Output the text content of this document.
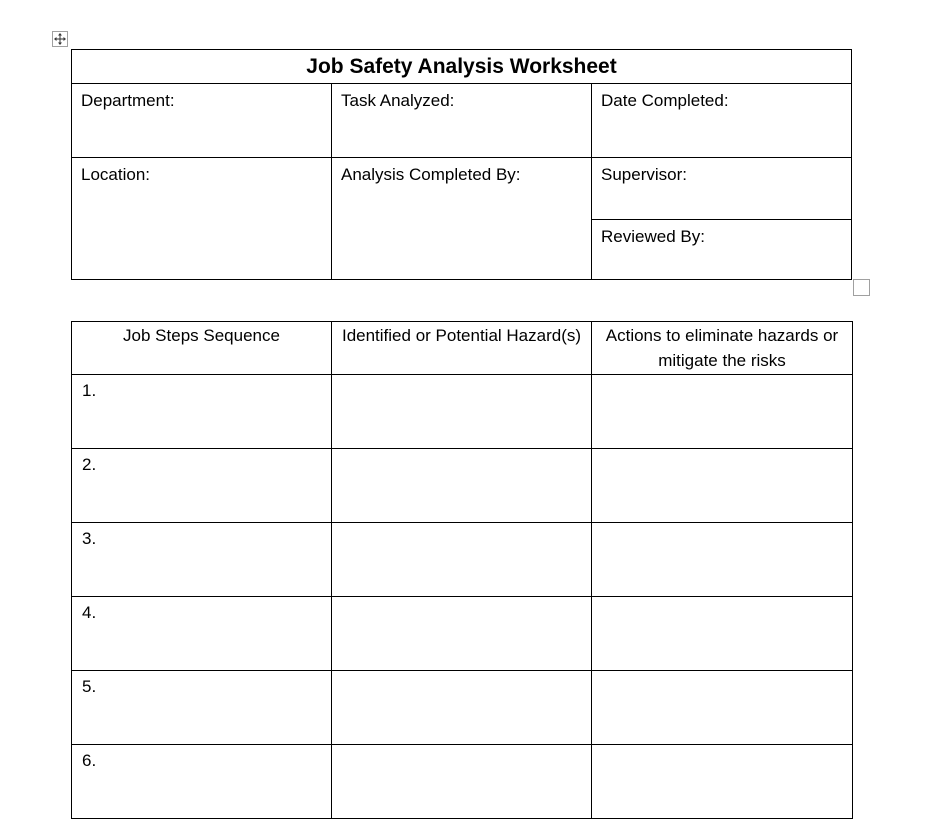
Job Safety Analysis Worksheet		
Department:	Task Analyzed:	Date Completed:
Location:	Analysis Completed By:	Supervisor:
		Reviewed By:
Job Steps Sequence	Identified or Potential Hazard(s)	Actions to eliminate hazards or mitigate the risks
1.		
2.		
3.		
4.		
5.		
6.		
